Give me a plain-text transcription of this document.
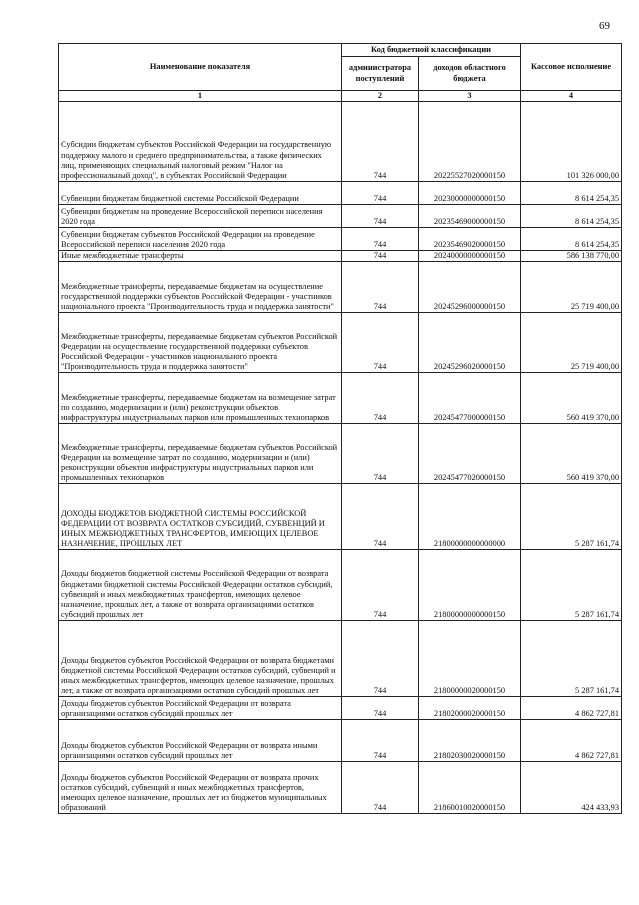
69
Наименование показателя	Код бюджетной классификации		Кассовое исполнение
	администратора поступлений	доходов областного бюджета	
1	2	3	4
Субсидии бюджетам субъектов Российской Федерации на государственную поддержку малого и среднего предпринимательства, а также физических лиц, применяющих специальный налоговый режим "Налог на профессиональный доход", в субъектах Российской Федерации	744	20225527020000150	101 326 000,00
Субвенции бюджетам бюджетной системы Российской Федерации	744	20230000000000150	8 614 254,35
Субвенции бюджетам на проведение Всероссийской переписи населения 2020 года	744	20235469000000150	8 614 254,35
Субвенции бюджетам субъектов Российской Федерации на проведение Всероссийской переписи населения 2020 года	744	20235469020000150	8 614 254,35
Иные межбюджетные трансферты	744	20240000000000150	586 138 770,00
Межбюджетные трансферты, передаваемые бюджетам на осуществление государственной поддержки субъектов Российской Федерации - участников национального проекта "Производительность труда и поддержка занятости"	744	20245296000000150	25 719 400,00
Межбюджетные трансферты, передаваемые бюджетам субъектов Российской Федерации на осуществление государственной поддержки субъектов Российской Федерации - участников национального проекта "Производительность труда и поддержка занятости"	744	20245296020000150	25 719 400,00
Межбюджетные трансферты, передаваемые бюджетам на возмещение затрат по созданию, модернизации и (или) реконструкции объектов инфраструктуры индустриальных парков или промышленных технопарков	744	20245477000000150	560 419 370,00
Межбюджетные трансферты, передаваемые бюджетам субъектов Российской Федерации на возмещение затрат по созданию, модернизации и (или) реконструкции объектов инфраструктуры индустриальных парков или промышленных технопарков	744	20245477020000150	560 419 370,00
ДОХОДЫ БЮДЖЕТОВ БЮДЖЕТНОЙ СИСТЕМЫ РОССИЙСКОЙ ФЕДЕРАЦИИ ОТ ВОЗВРАТА ОСТАТКОВ СУБСИДИЙ, СУБВЕНЦИЙ И ИНЫХ МЕЖБЮДЖЕТНЫХ ТРАНСФЕРТОВ, ИМЕЮЩИХ ЦЕЛЕВОЕ НАЗНАЧЕНИЕ, ПРОШЛЫХ ЛЕТ	744	21800000000000000	5 287 161,74
Доходы бюджетов бюджетной системы Российской Федерации от возврата бюджетами бюджетной системы Российской Федерации остатков субсидий, субвенций и иных межбюджетных трансфертов, имеющих целевое назначение, прошлых лет, а также от возврата организациями остатков субсидий прошлых лет	744	21800000000000150	5 287 161,74
Доходы бюджетов субъектов Российской Федерации от возврата бюджетами бюджетной системы Российской Федерации остатков субсидий, субвенций и иных межбюджетных трансфертов, имеющих целевое назначение, прошлых лет, а также от возврата организациями остатков субсидий прошлых лет	744	21800000020000150	5 287 161,74
Доходы бюджетов субъектов Российской Федерации от возврата организациями остатков субсидий прошлых лет	744	21802000020000150	4 862 727,81
Доходы бюджетов субъектов Российской Федерации от возврата иными организациями остатков субсидий прошлых лет	744	21802030020000150	4 862 727,81
Доходы бюджетов субъектов Российской Федерации от возврата прочих остатков субсидий, субвенций и иных межбюджетных трансфертов, имеющих целевое назначение, прошлых лет из бюджетов муниципальных образований	744	21860010020000150	424 433,93
